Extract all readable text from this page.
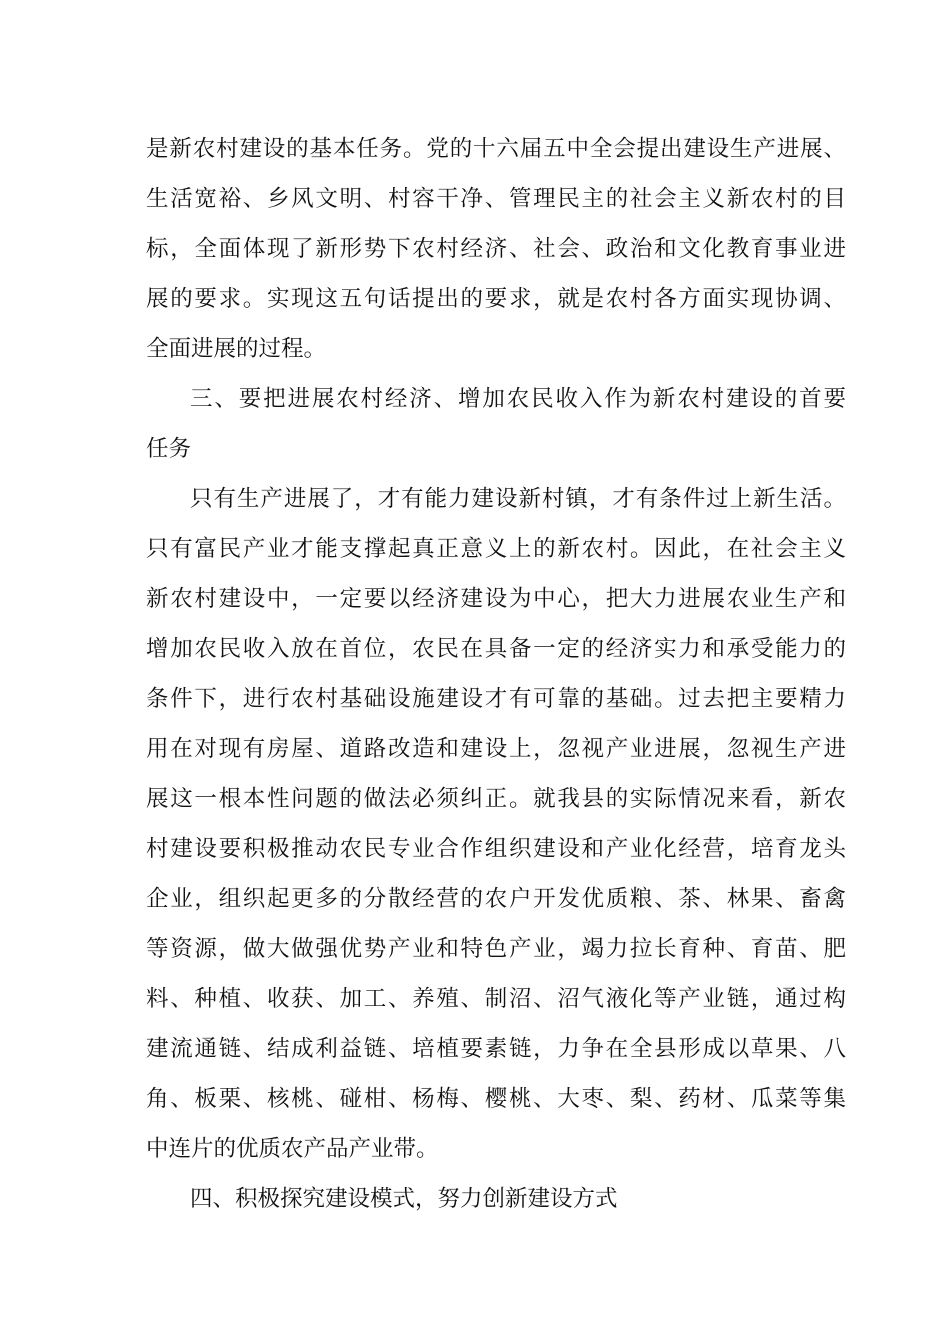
是新农村建设的基本任务。党的十六届五中全会提出建设生产进展、
生活宽裕、乡风文明、村容干净、管理民主的社会主义新农村的目
标，全面体现了新形势下农村经济、社会、政治和文化教育事业进
展的要求。实现这五句话提出的要求，就是农村各方面实现协调、
全面进展的过程。
三、要把进展农村经济、增加农民收入作为新农村建设的首要
任务
只有生产进展了，才有能力建设新村镇，才有条件过上新生活。
只有富民产业才能支撑起真正意义上的新农村。因此，在社会主义
新农村建设中，一定要以经济建设为中心，把大力进展农业生产和
增加农民收入放在首位，农民在具备一定的经济实力和承受能力的
条件下，进行农村基础设施建设才有可靠的基础。过去把主要精力
用在对现有房屋、道路改造和建设上，忽视产业进展，忽视生产进
展这一根本性问题的做法必须纠正。就我县的实际情况来看，新农
村建设要积极推动农民专业合作组织建设和产业化经营，培育龙头
企业，组织起更多的分散经营的农户开发优质粮、茶、林果、畜禽
等资源，做大做强优势产业和特色产业，竭力拉长育种、育苗、肥
料、种植、收获、加工、养殖、制沼、沼气液化等产业链，通过构
建流通链、结成利益链、培植要素链，力争在全县形成以草果、八
角、板栗、核桃、碰柑、杨梅、樱桃、大枣、梨、药材、瓜菜等集
中连片的优质农产品产业带。
四、积极探究建设模式，努力创新建设方式
